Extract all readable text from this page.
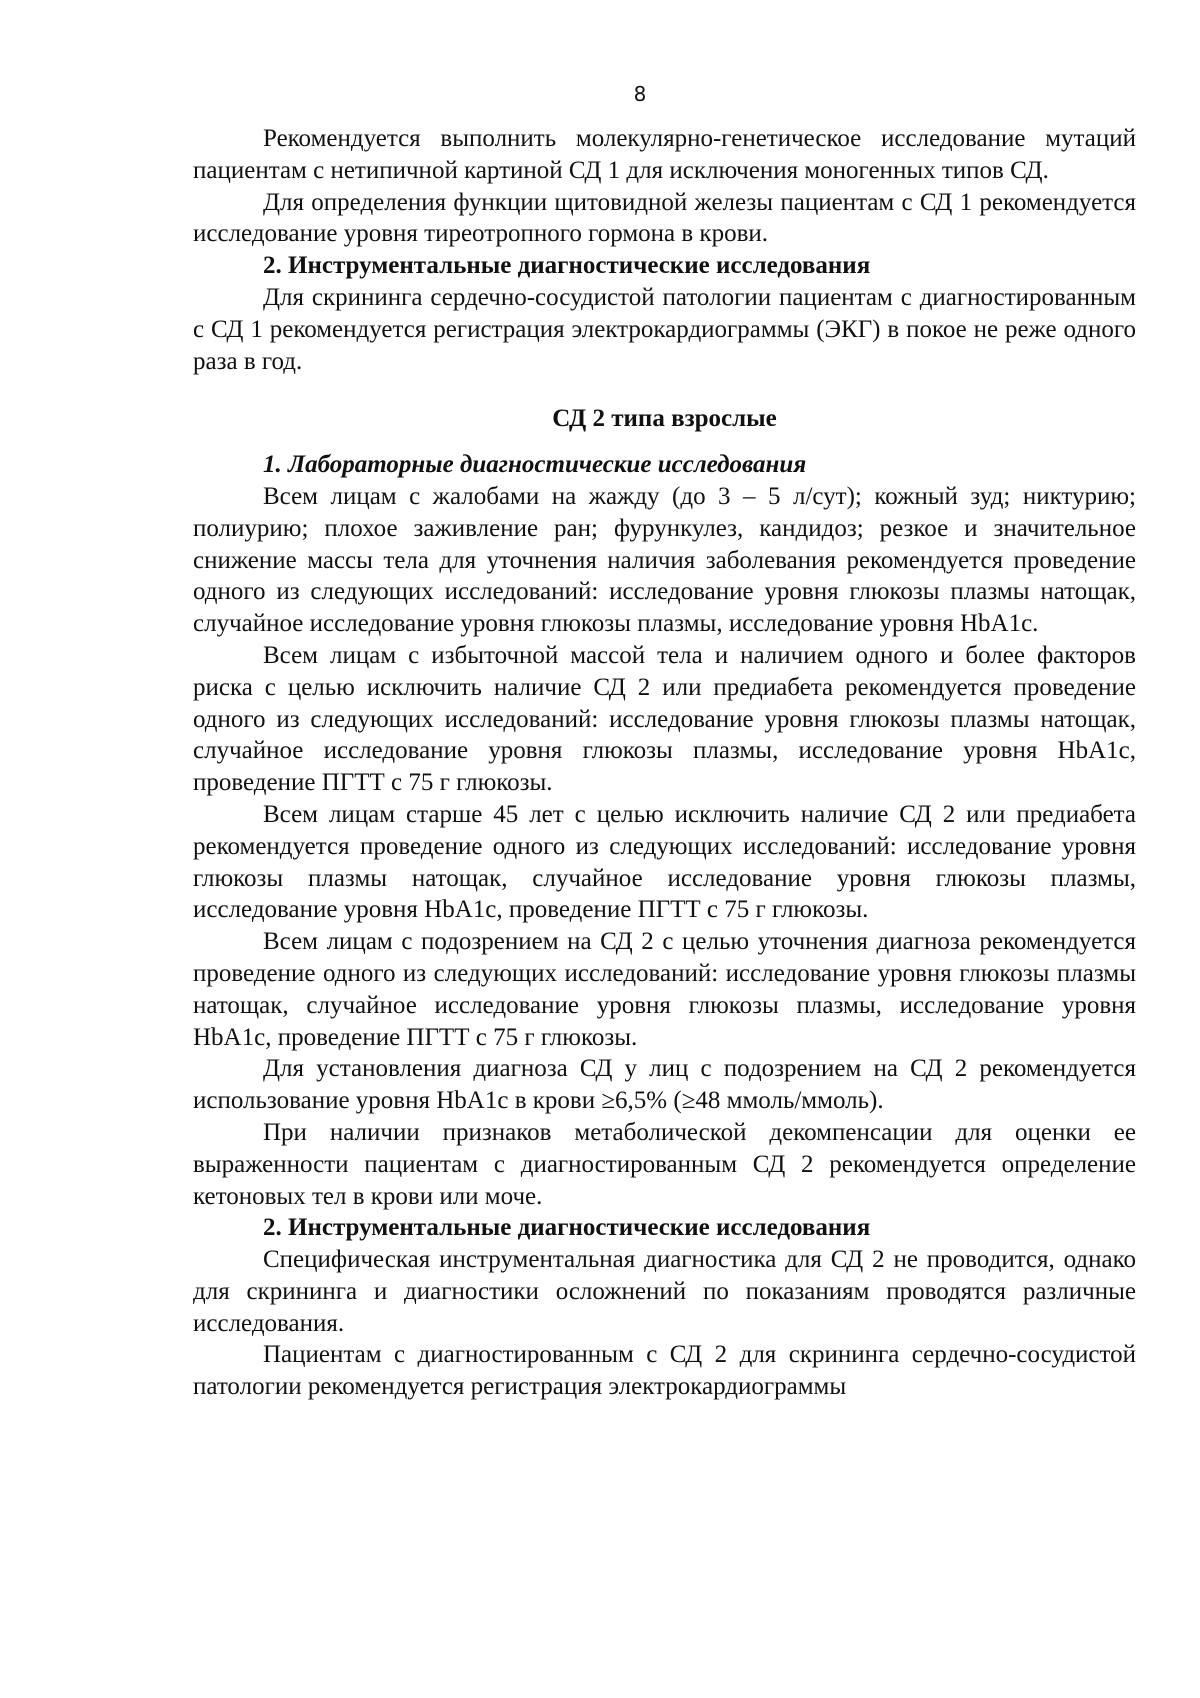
8

Рекомендуется выполнить молекулярно-генетическое исследование мутаций пациентам с нетипичной картиной СД 1 для исключения моногенных типов СД.

Для определения функции щитовидной железы пациентам с СД 1 рекомендуется исследование уровня тиреотропного гормона в крови.

2. Инструментальные диагностические исследования

Для скрининга сердечно-сосудистой патологии пациентам с диагностированным с СД 1 рекомендуется регистрация электрокардиограммы (ЭКГ) в покое не реже одного раза в год.

СД 2 типа взрослые
1. Лабораторные диагностические исследования

Всем лицам с жалобами на жажду (до 3 – 5 л/сут); кожный зуд; никтурию; полиурию; плохое заживление ран; фурункулез, кандидоз; резкое и значительное снижение массы тела для уточнения наличия заболевания рекомендуется проведение одного из следующих исследований: исследование уровня глюкозы плазмы натощак, случайное исследование уровня глюкозы плазмы, исследование уровня HbA1c.

Всем лицам с избыточной массой тела и наличием одного и более факторов риска с целью исключить наличие СД 2 или предиабета рекомендуется проведение одного из следующих исследований: исследование уровня глюкозы плазмы натощак, случайное исследование уровня глюкозы плазмы, исследование уровня HbA1c, проведение ПГТТ с 75 г глюкозы.

Всем лицам старше 45 лет с целью исключить наличие СД 2 или предиабета рекомендуется проведение одного из следующих исследований: исследование уровня глюкозы плазмы натощак, случайное исследование уровня глюкозы плазмы, исследование уровня HbA1c, проведение ПГТТ с 75 г глюкозы.

Всем лицам с подозрением на СД 2 с целью уточнения диагноза рекомендуется проведение одного из следующих исследований: исследование уровня глюкозы плазмы натощак, случайное исследование уровня глюкозы плазмы, исследование уровня HbA1c, проведение ПГТТ с 75 г глюкозы.

Для установления диагноза СД у лиц с подозрением на СД 2 рекомендуется использование уровня HbA1c в крови ≥6,5% (≥48 ммоль/ммоль).

При наличии признаков метаболической декомпенсации для оценки ее выраженности пациентам с диагностированным СД 2 рекомендуется определение кетоновых тел в крови или моче.

2. Инструментальные диагностические исследования

Специфическая инструментальная диагностика для СД 2 не проводится, однако для скрининга и диагностики осложнений по показаниям проводятся различные исследования.

Пациентам с диагностированным с СД 2 для скрининга сердечно-сосудистой патологии рекомендуется регистрация электрокардиограммы
